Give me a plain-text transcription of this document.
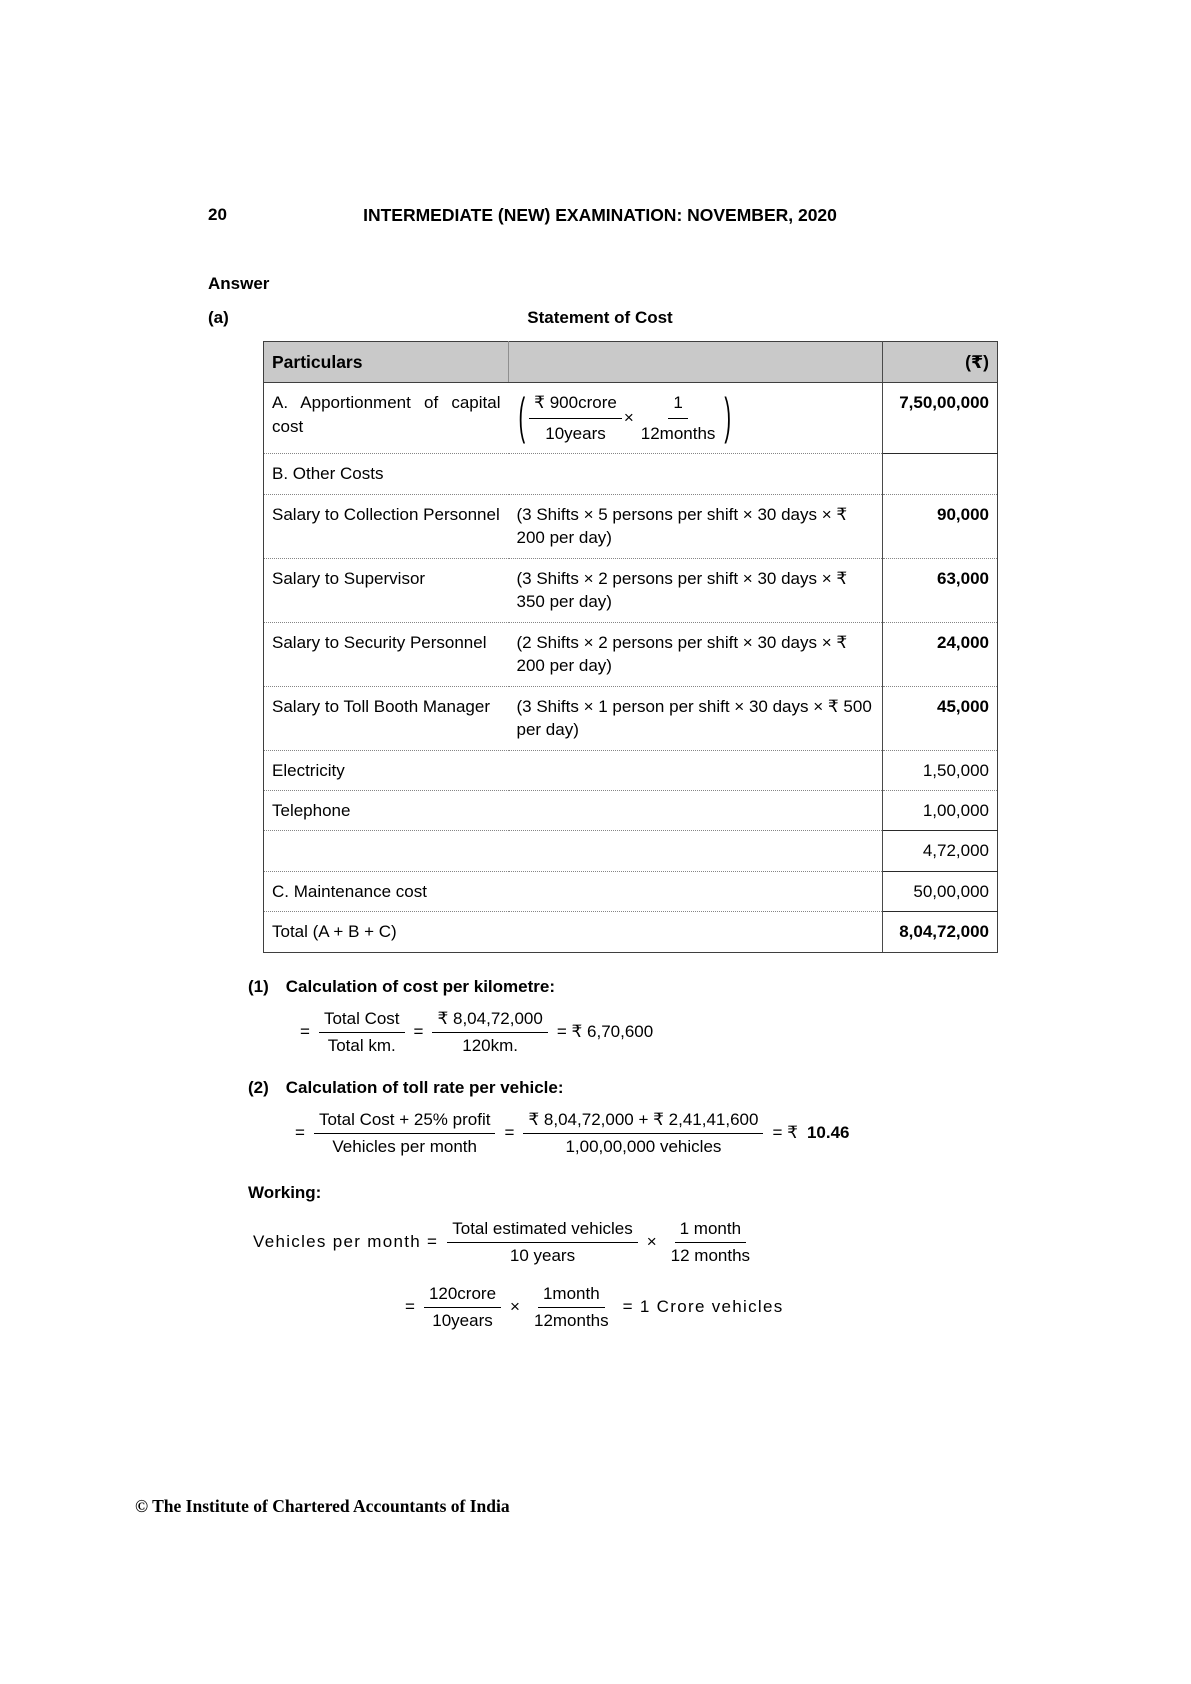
20	INTERMEDIATE (NEW) EXAMINATION: NOVEMBER, 2020
Answer
(a)	Statement of Cost
Particulars		(₹)
A. Apportionment of capital cost	( $\frac{\text{₹ 900crore}}{\text{10years}} \times \frac{1}{\text{12months}}$ )	7,50,00,000
B. Other Costs		
Salary to Collection Personnel	(3 Shifts × 5 persons per shift × 30 days × ₹ 200 per day)	90,000
Salary to Supervisor	(3 Shifts × 2 persons per shift × 30 days × ₹ 350 per day)	63,000
Salary to Security Personnel	(2 Shifts × 2 persons per shift × 30 days × ₹ 200 per day)	24,000
Salary to Toll Booth Manager	(3 Shifts × 1 person per shift × 30 days × ₹ 500 per day)	45,000
Electricity		1,50,000
Telephone		1,00,000
		4,72,000
C. Maintenance cost		50,00,000
Total (A + B + C)		8,04,72,000
(1) Calculation of cost per kilometre:
= $\frac{\text{Total Cost}}{\text{Total km.}} = \frac{₹ 8,04,72,000}{120km.}$ = ₹ 6,70,600
(2) Calculation of toll rate per vehicle:
= $\frac{\text{Total Cost + 25\% profit}}{\text{Vehicles per month}} = \frac{₹ 8,04,72,000 + ₹ 2,41,41,600}{\text{1,00,00,000 vehicles}}$ = ₹ 10.46
Working:
Vehicles per month = $\frac{\text{Total estimated vehicles}}{\text{10 years}} \times \frac{\text{1 month}}{\text{12 months}}$
= $\frac{\text{120crore}}{\text{10years}} \times \frac{\text{1month}}{\text{12months}} = 1$ Crore vehicles
© The Institute of Chartered Accountants of India
